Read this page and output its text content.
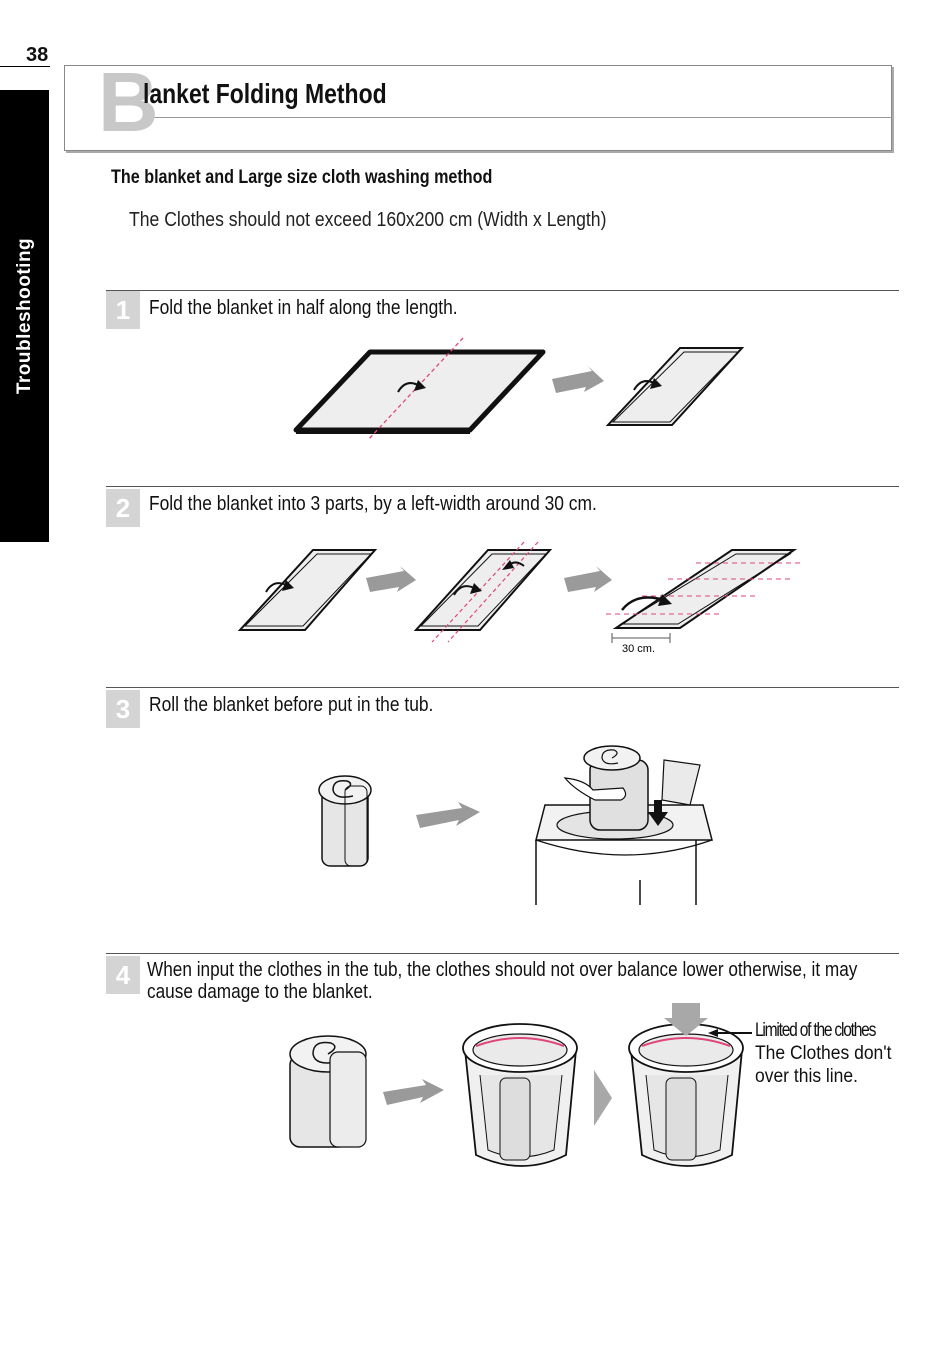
38
Troubleshooting
B
lanket Folding Method
The blanket and Large size cloth washing method
The Clothes should not exceed 160x200 cm (Width x Length)
1 Fold the blanket in half along the length.
2 Fold the blanket into 3 parts, by a left-width around 30 cm.
30 cm.
3 Roll the blanket before put in the tub.
4 When input the clothes in the tub, the clothes should not over balance lower otherwise, it may cause damage to the blanket.
Limited of the clothes
The Clothes don't over this line.
